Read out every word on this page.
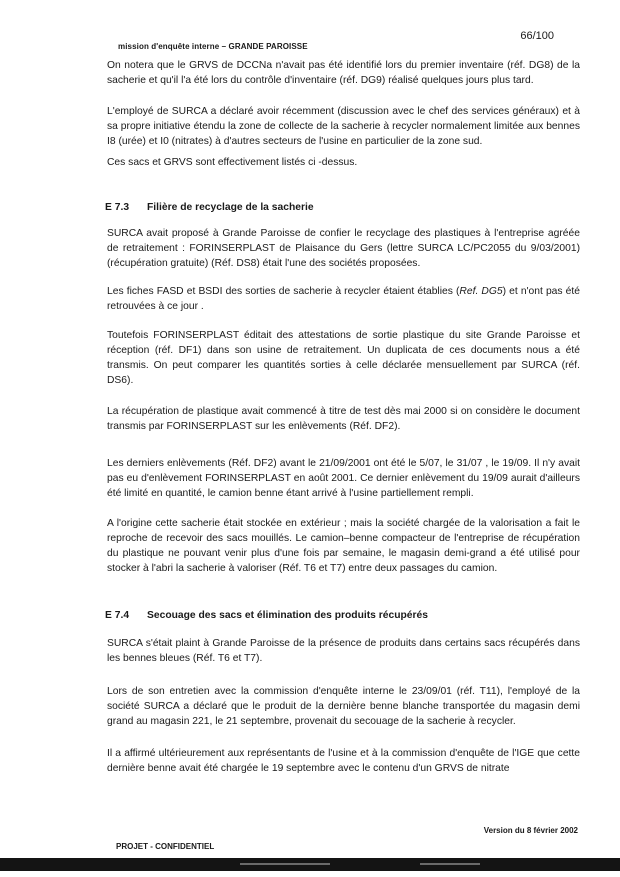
mission d'enquête interne – GRANDE PAROISSE
66/100
On notera que le GRVS de DCCNa n'avait pas été identifié lors du premier inventaire (réf. DG8) de la sacherie et qu'il l'a été lors du contrôle d'inventaire (réf. DG9) réalisé quelques jours plus tard.
L'employé de SURCA a déclaré avoir récemment (discussion avec le chef des services généraux) et à sa propre initiative étendu la zone de collecte de la sacherie à recycler normalement limitée aux bennes I8 (urée) et I0 (nitrates) à d'autres secteurs de l'usine en particulier de la zone sud.
Ces sacs et GRVS sont effectivement listés ci -dessus.
E 7.3 Filière de recyclage de la sacherie
SURCA avait proposé à Grande Paroisse de confier le recyclage des plastiques à l'entreprise agréée de retraitement : FORINSERPLAST de Plaisance du Gers (lettre SURCA LC/PC2055 du 9/03/2001) (récupération gratuite) (Réf. DS8) était l'une des sociétés proposées.
Les fiches FASD et BSDI des sorties de sacherie à recycler étaient établies (Ref. DG5) et n'ont pas été retrouvées à ce jour .
Toutefois FORINSERPLAST éditait des attestations de sortie plastique du site Grande Paroisse et réception (réf. DF1) dans son usine de retraitement. Un duplicata de ces documents nous a été transmis. On peut comparer les quantités sorties à celle déclarée mensuellement par SURCA (réf. DS6).
La récupération de plastique avait commencé à titre de test dès mai 2000 si on considère le document transmis par FORINSERPLAST sur les enlèvements (Réf. DF2).
Les derniers enlèvements (Réf. DF2) avant le 21/09/2001 ont été le 5/07, le 31/07 , le 19/09. Il n'y avait pas eu d'enlèvement FORINSERPLAST en août 2001. Ce dernier enlèvement du 19/09 aurait d'ailleurs été limité en quantité, le camion benne étant arrivé à l'usine partiellement rempli.
A l'origine cette sacherie était stockée en extérieur ; mais la société chargée de la valorisation a fait le reproche de recevoir des sacs mouillés. Le camion–benne compacteur de l'entreprise de récupération du plastique ne pouvant venir plus d'une fois par semaine, le magasin demi-grand a été utilisé pour stocker à l'abri la sacherie à valoriser (Réf. T6 et T7) entre deux passages du camion.
E 7.4 Secouage des sacs et élimination des produits récupérés
SURCA s'était plaint à Grande Paroisse de la présence de produits dans certains sacs récupérés dans les bennes bleues (Réf. T6 et T7).
Lors de son entretien avec la commission d'enquête interne le 23/09/01 (réf. T11), l'employé de la société SURCA a déclaré que le produit de la dernière benne blanche transportée du magasin demi grand au magasin 221, le 21 septembre, provenait du secouage de la sacherie à recycler.
Il a affirmé ultérieurement aux représentants de l'usine et à la commission d'enquête de l'IGE que cette dernière benne avait été chargée le 19 septembre avec le contenu d'un GRVS de nitrate
Version du 8 février 2002
PROJET - CONFIDENTIEL
